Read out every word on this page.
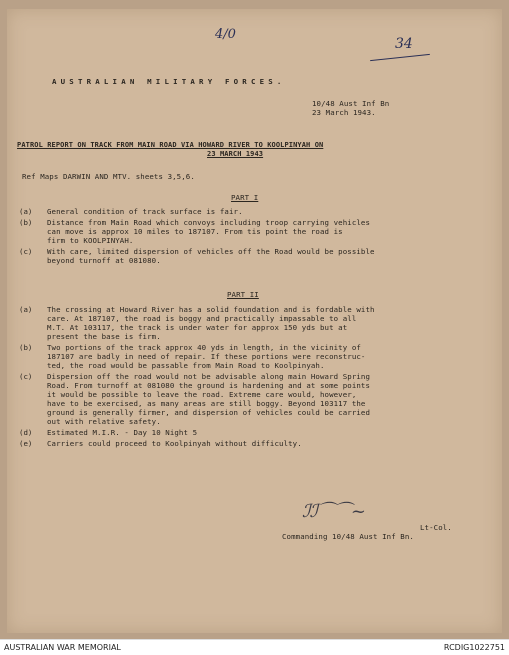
4/0
34
AUSTRALIAN MILITARY FORCES.
10/48 Aust Inf Bn
23 March 1943.
PATROL REPORT ON TRACK FROM MAIN ROAD VIA HOWARD RIVER TO KOOLPINYAH ON
23 MARCH 1943
Ref Maps DARWIN AND MTV. sheets 3,5,6.
PART I
(a) General condition of track surface is fair.
(b) Distance from Main Road which convoys including troop carrying vehicles
can move is approx 10 miles to 187107. From tis point the road is
firm to KOOLPINYAH.
(c) With care, limited dispersion of vehicles off the Road would be possible
beyond turnoff at 081080.
PART II
(a) The crossing at Howard River has a solid foundation and is fordable with
care. At 187107, the road is boggy and practically impassable to all
M.T. At 103117, the track is under water for approx 150 yds but at
present the base is firm.
(b) Two portions of the track approx 40 yds in length, in the vicinity of
187107 are badly in need of repair. If these portions were reconstruc-
ted, the road would be passable from Main Road to Koolpinyah.
(c) Dispersion off the road would not be advisable along main Howard Spring
Road. From turnoff at 081080 the ground is hardening and at some points
it would be possible to leave the road. Extreme care would, however,
have to be exercised, as many areas are still boggy. Beyond 103117 the
ground is generally firmer, and dispersion of vehicles could be carried
out with relative safety.
(d) Estimated M.I.R. - Day 10 Night 5
(e) Carriers could proceed to Koolpinyah without difficulty.
ℐℐ⌒⌒~
Lt-Col.
Commanding 10/48 Aust Inf Bn.
AUSTRALIAN WAR MEMORIAL	RCDIG1022751
